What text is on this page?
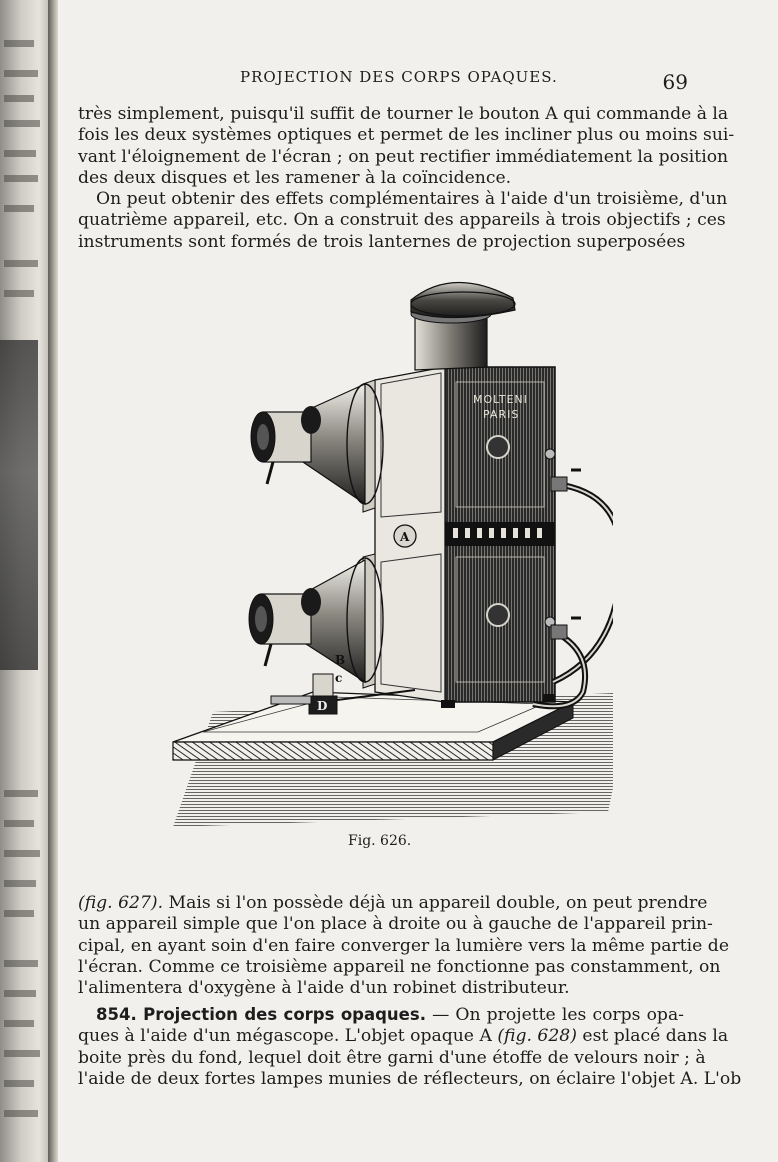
PROJECTION DES CORPS OPAQUES.	69

très simplement, puisqu'il suffit de tourner le bouton A qui commande à la
fois les deux systèmes optiques et permet de les incliner plus ou moins sui-
vant l'éloignement de l'écran ; on peut rectifier immédiatement la position
des deux disques et les ramener à la coïncidence.
On peut obtenir des effets complémentaires à l'aide d'un troisième, d'un
quatrième appareil, etc. On a construit des appareils à trois objectifs ; ces
instruments sont formés de trois lanternes de projection superposées

MOLTENI
PARIS
A
B
c
D
Fig. 626.

(fig. 627). Mais si l'on possède déjà un appareil double, on peut prendre
un appareil simple que l'on place à droite ou à gauche de l'appareil prin-
cipal, en ayant soin d'en faire converger la lumière vers la même partie de
l'écran. Comme ce troisième appareil ne fonctionne pas constamment, on
l'alimentera d'oxygène à l'aide d'un robinet distributeur.

854. Projection des corps opaques. — On projette les corps opa-
ques à l'aide d'un mégascope. L'objet opaque A (fig. 628) est placé dans la
boite près du fond, lequel doit être garni d'une étoffe de velours noir ; à
l'aide de deux fortes lampes munies de réflecteurs, on éclaire l'objet A. L'ob
